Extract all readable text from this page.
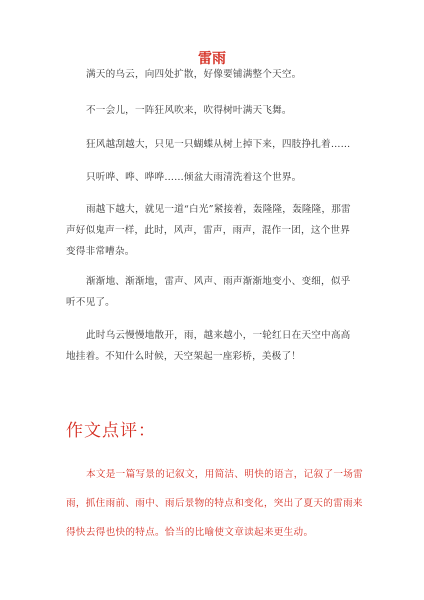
雷雨

满天的乌云，向四处扩散，好像要铺满整个天空。

不一会儿，一阵狂风吹来，吹得树叶满天飞舞。

狂风越刮越大，只见一只蝴蝶从树上掉下来，四肢挣扎着……

只听哗、哗、哗哗……倾盆大雨清洗着这个世界。

雨越下越大，就见一道“白光”紧接着，轰隆隆，轰隆隆，那雷声好似鬼声一样，此时，风声，雷声，雨声，混作一团，这个世界变得非常嘈杂。

渐渐地、渐渐地，雷声、风声、雨声渐渐地变小、变细，似乎听不见了。

此时乌云慢慢地散开，雨，越来越小，一轮红日在天空中高高地挂着。不知什么时候，天空架起一座彩桥，美极了！

作文点评：

本文是一篇写景的记叙文，用简洁、明快的语言，记叙了一场雷雨，抓住雨前、雨中、雨后景物的特点和变化，突出了夏天的雷雨来得快去得也快的特点。恰当的比喻使文章读起来更生动。
